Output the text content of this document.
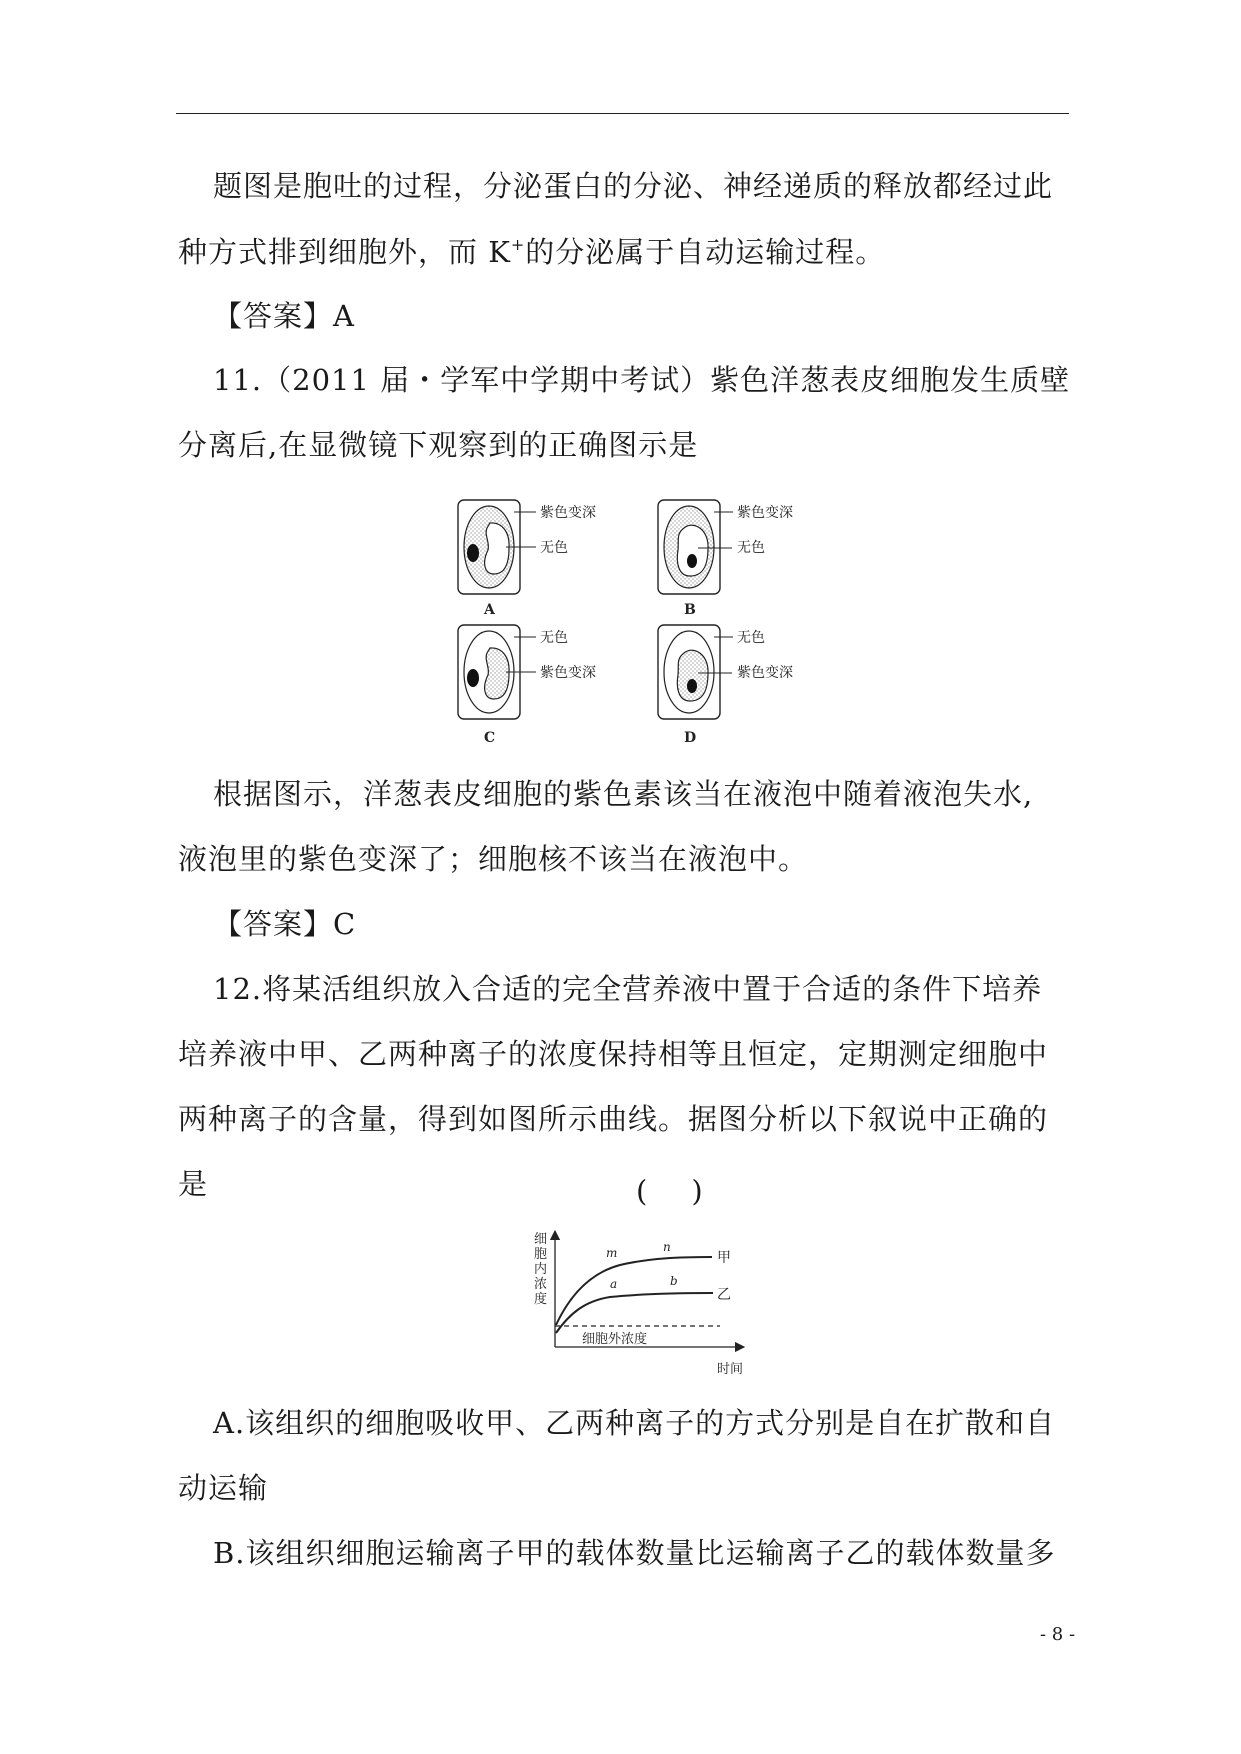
题图是胞吐的过程，分泌蛋白的分泌、神经递质的释放都经过此
种方式排到细胞外，而 K+的分泌属于自动运输过程。
【答案】A
11.（2011 届・学军中学期中考试）紫色洋葱表皮细胞发生质壁
分离后,在显微镜下观察到的正确图示是
紫色变深
无色
A
紫色变深
无色
B
无色
紫色变深
C
无色
紫色变深
D
根据图示，洋葱表皮细胞的紫色素该当在液泡中随着液泡失水,
液泡里的紫色变深了；细胞核不该当在液泡中。
【答案】C
12.将某活组织放入合适的完全营养液中置于合适的条件下培养
培养液中甲、乙两种离子的浓度保持相等且恒定，定期测定细胞中
两种离子的含量，得到如图所示曲线。据图分析以下叙说中正确的
是	( )
细
胞
内
浓
度
时间
细胞外浓度
甲
乙
m	n
a	b
A.该组织的细胞吸收甲、乙两种离子的方式分别是自在扩散和自
动运输
B.该组织细胞运输离子甲的载体数量比运输离子乙的载体数量多
- 8 -
